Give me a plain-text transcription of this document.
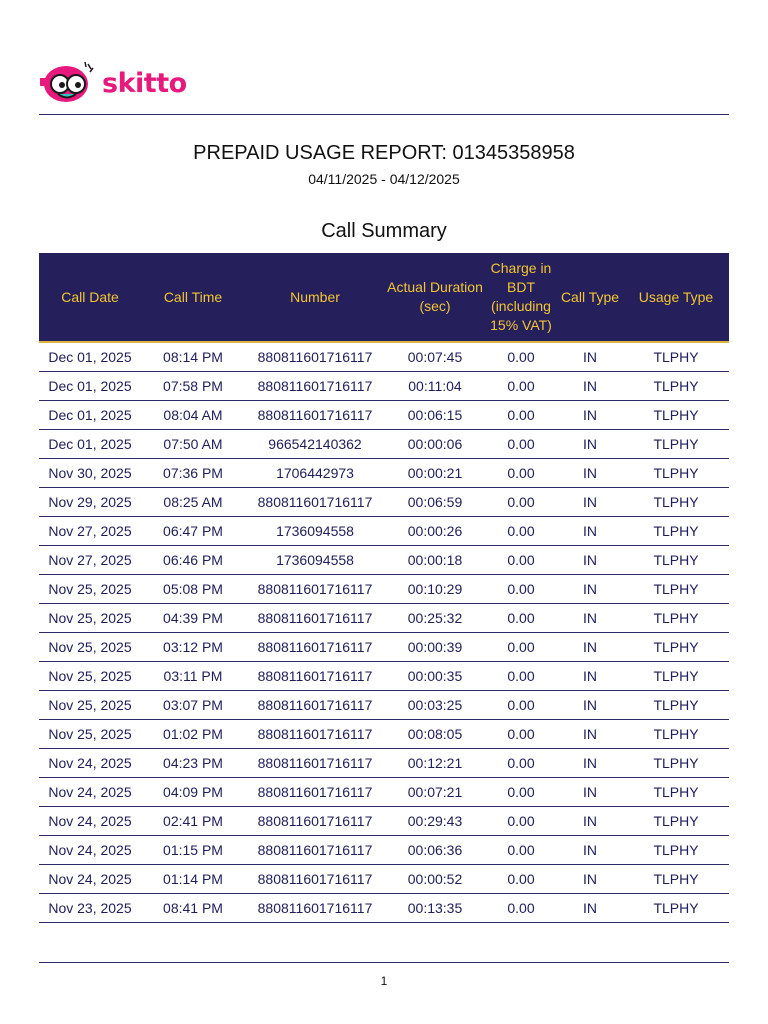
skitto
PREPAID USAGE REPORT: 01345358958
04/11/2025 - 04/12/2025
Call Summary
Call Date	Call Time	Number	Actual Duration (sec)	Charge in BDT (including 15% VAT)	Call Type	Usage Type
Dec 01, 2025	08:14 PM	880811601716117	00:07:45	0.00	IN	TLPHY
Dec 01, 2025	07:58 PM	880811601716117	00:11:04	0.00	IN	TLPHY
Dec 01, 2025	08:04 AM	880811601716117	00:06:15	0.00	IN	TLPHY
Dec 01, 2025	07:50 AM	966542140362	00:00:06	0.00	IN	TLPHY
Nov 30, 2025	07:36 PM	1706442973	00:00:21	0.00	IN	TLPHY
Nov 29, 2025	08:25 AM	880811601716117	00:06:59	0.00	IN	TLPHY
Nov 27, 2025	06:47 PM	1736094558	00:00:26	0.00	IN	TLPHY
Nov 27, 2025	06:46 PM	1736094558	00:00:18	0.00	IN	TLPHY
Nov 25, 2025	05:08 PM	880811601716117	00:10:29	0.00	IN	TLPHY
Nov 25, 2025	04:39 PM	880811601716117	00:25:32	0.00	IN	TLPHY
Nov 25, 2025	03:12 PM	880811601716117	00:00:39	0.00	IN	TLPHY
Nov 25, 2025	03:11 PM	880811601716117	00:00:35	0.00	IN	TLPHY
Nov 25, 2025	03:07 PM	880811601716117	00:03:25	0.00	IN	TLPHY
Nov 25, 2025	01:02 PM	880811601716117	00:08:05	0.00	IN	TLPHY
Nov 24, 2025	04:23 PM	880811601716117	00:12:21	0.00	IN	TLPHY
Nov 24, 2025	04:09 PM	880811601716117	00:07:21	0.00	IN	TLPHY
Nov 24, 2025	02:41 PM	880811601716117	00:29:43	0.00	IN	TLPHY
Nov 24, 2025	01:15 PM	880811601716117	00:06:36	0.00	IN	TLPHY
Nov 24, 2025	01:14 PM	880811601716117	00:00:52	0.00	IN	TLPHY
Nov 23, 2025	08:41 PM	880811601716117	00:13:35	0.00	IN	TLPHY
1
